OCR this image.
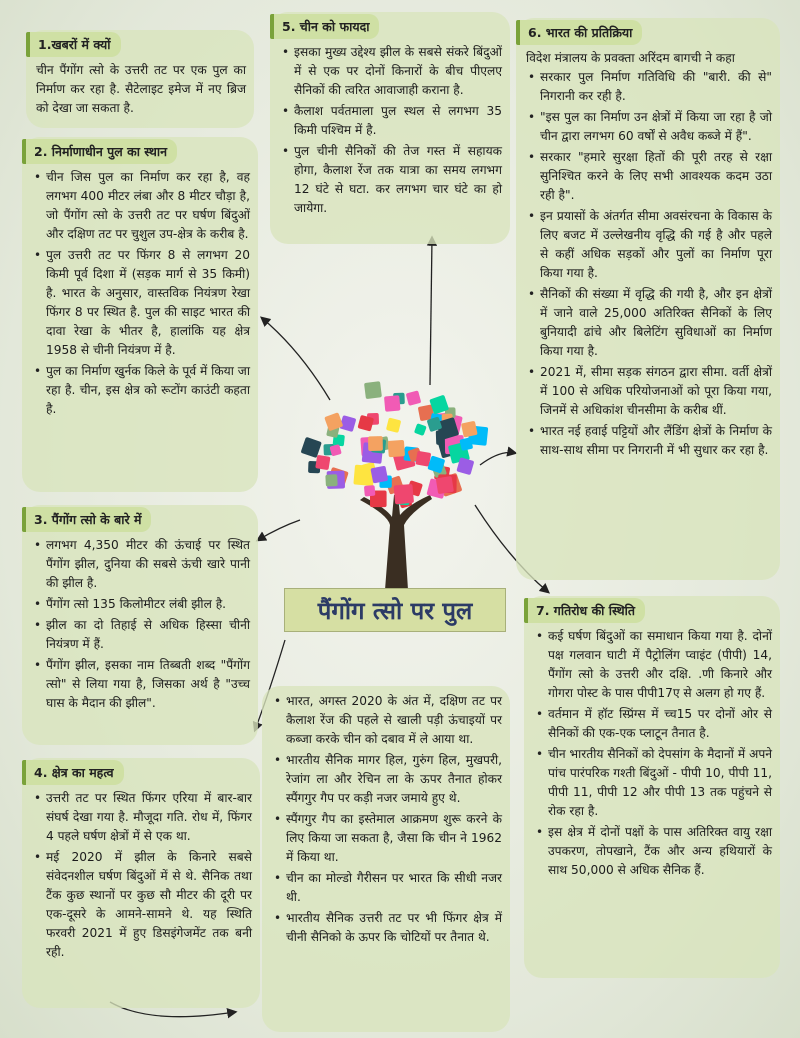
1.खबरों में क्यों

चीन पैंगोंग त्सो के उत्तरी तट पर एक पुल का निर्माण कर रहा है. सैटेलाइट इमेज में नए ब्रिज को देखा जा सकता है.

2. निर्माणाधीन पुल का स्थान
• चीन जिस पुल का निर्माण कर रहा है, वह लगभग 400 मीटर लंबा और 8 मीटर चौड़ा है, जो पैंगोंग त्सो के उत्तरी तट पर घर्षण बिंदुओं और दक्षिण तट पर चुशुल उप-क्षेत्र के करीब है.
• पुल उत्तरी तट पर फिंगर 8 से लगभग 20 किमी पूर्व दिशा में (सड़क मार्ग से 35 किमी) है. भारत के अनुसार, वास्तविक नियंत्रण रेखा फिंगर 8 पर स्थित है. पुल की साइट भारत की दावा रेखा के भीतर है, हालांकि यह क्षेत्र 1958 से चीनी नियंत्रण में है.
• पुल का निर्माण खुर्नक किले के पूर्व में किया जा रहा है. चीन, इस क्षेत्र को रूटोंग काउंटी कहता है.
3. पैंगोंग त्सो के बारे में
• लगभग 4,350 मीटर की ऊंचाई पर स्थित पैंगोंग झील, दुनिया की सबसे ऊंची खारे पानी की झील है.
• पैंगोंग त्सो 135 किलोमीटर लंबी झील है.
• झील का दो तिहाई से अधिक हिस्सा चीनी नियंत्रण में हैं.
• पैंगोंग झील, इसका नाम तिब्बती शब्द "पैंगोंग त्सो" से लिया गया है, जिसका अर्थ है "उच्च घास के मैदान की झील".
4. क्षेत्र का महत्व
• उत्तरी तट पर स्थित फिंगर एरिया में बार-बार संघर्ष देखा गया है. मौजूदा गति. रोध में, फिंगर 4 पहले घर्षण क्षेत्रों में से एक था.
• मई 2020 में झील के किनारे सबसे संवेदनशील घर्षण बिंदुओं में से थे. सैनिक तथा टैंक कुछ स्थानों पर कुछ सौ मीटर की दूरी पर एक-दूसरे के आमने-सामने थे. यह स्थिति फरवरी 2021 में हुए डिसइंगेजमेंट तक बनी रही.
5. चीन को फायदा
• इसका मुख्य उद्देश्य झील के सबसे संकरे बिंदुओं में से एक पर दोनों किनारों के बीच पीएलए सैनिकों की त्वरित आवाजाही कराना है.
• कैलाश पर्वतमाला पुल स्थल से लगभग 35 किमी पश्चिम में है.
• पुल चीनी सैनिकों की तेज गस्त में सहायक होगा, कैलाश रेंज तक यात्रा का समय लगभग 12 घंटे से घटा. कर लगभग चार घंटे का हो जायेगा.
6. भारत की प्रतिक्रिया

विदेश मंत्रालय के प्रवक्ता अरिंदम बागची ने कहा

• सरकार पुल निर्माण गतिविधि की "बारी. की से" निगरानी कर रही है.
• "इस पुल का निर्माण उन क्षेत्रों में किया जा रहा है जो चीन द्वारा लगभग 60 वर्षों से अवैध कब्जे में हैं".
• सरकार "हमारे सुरक्षा हितों की पूरी तरह से रक्षा सुनिश्चित करने के लिए सभी आवश्यक कदम उठा रही है".
• इन प्रयासों के अंतर्गत सीमा अवसंरचना के विकास के लिए बजट में उल्लेखनीय वृद्धि की गई है और पहले से कहीं अधिक सड़कों और पुलों का निर्माण पूरा किया गया है.
• सैनिकों की संख्या में वृद्धि की गयी है, और इन क्षेत्रों में जाने वाले 25,000 अतिरिक्त सैनिकों के लिए बुनियादी ढांचे और बिलेटिंग सुविधाओं का निर्माण किया गया है.
• 2021 में, सीमा सड़क संगठन द्वारा सीमा. वर्ती क्षेत्रों में 100 से अधिक परियोजनाओं को पूरा किया गया, जिनमें से अधिकांश चीनसीमा के करीब थीं.
• भारत नई हवाई पट्टियों और लैंडिंग क्षेत्रों के निर्माण के साथ-साथ सीमा पर निगरानी में भी सुधार कर रहा है.
7. गतिरोध की स्थिति
• कई घर्षण बिंदुओं का समाधान किया गया है. दोनों पक्ष गलवान घाटी में पैट्रोलिंग प्वाइंट (पीपी) 14, पैंगोंग त्सो के उत्तरी और दक्षि. .णी किनारे और गोगरा पोस्ट के पास पीपी17ए से अलग हो गए हैं.
• वर्तमान में हॉट स्प्रिंग्स में च्च15 पर दोनों ओर से सैनिकों की एक-एक प्लाटून तैनात है.
• चीन भारतीय सैनिकों को देपसांग के मैदानों में अपने पांच पारंपरिक गश्ती बिंदुओं - पीपी 10, पीपी 11, पीपी 11, पीपी 12 और पीपी 13 तक पहुंचने से रोक रहा है.
• इस क्षेत्र में दोनों पक्षों के पास अतिरिक्त वायु रक्षा उपकरण, तोपखाने, टैंक और अन्य हथियारों के साथ 50,000 से अधिक सैनिक हैं.
• भारत, अगस्त 2020 के अंत में, दक्षिण तट पर कैलाश रेंज की पहले से खाली पड़ी ऊंचाइयों पर कब्जा करके चीन को दबाव में ले आया था.
• भारतीय सैनिक मागर हिल, गुरुंग हिल, मुखपरी, रेजांग ला और रेचिन ला के ऊपर तैनात होकर स्पैंगगुर गैप पर कड़ी नजर जमाये हुए थे.
• स्पैंगगुर गैप का इस्तेमाल आक्रमण शुरू करने के लिए किया जा सकता है, जैसा कि चीन ने 1962 में किया था.
• चीन का मोल्डो गैरीसन पर भारत कि सीधी नजर थी.
• भारतीय सैनिक उत्तरी तट पर भी फिंगर क्षेत्र में चीनी सैनिको के ऊपर कि चोटियों पर तैनात थे.
पैंगोंग त्सो पर पुल
